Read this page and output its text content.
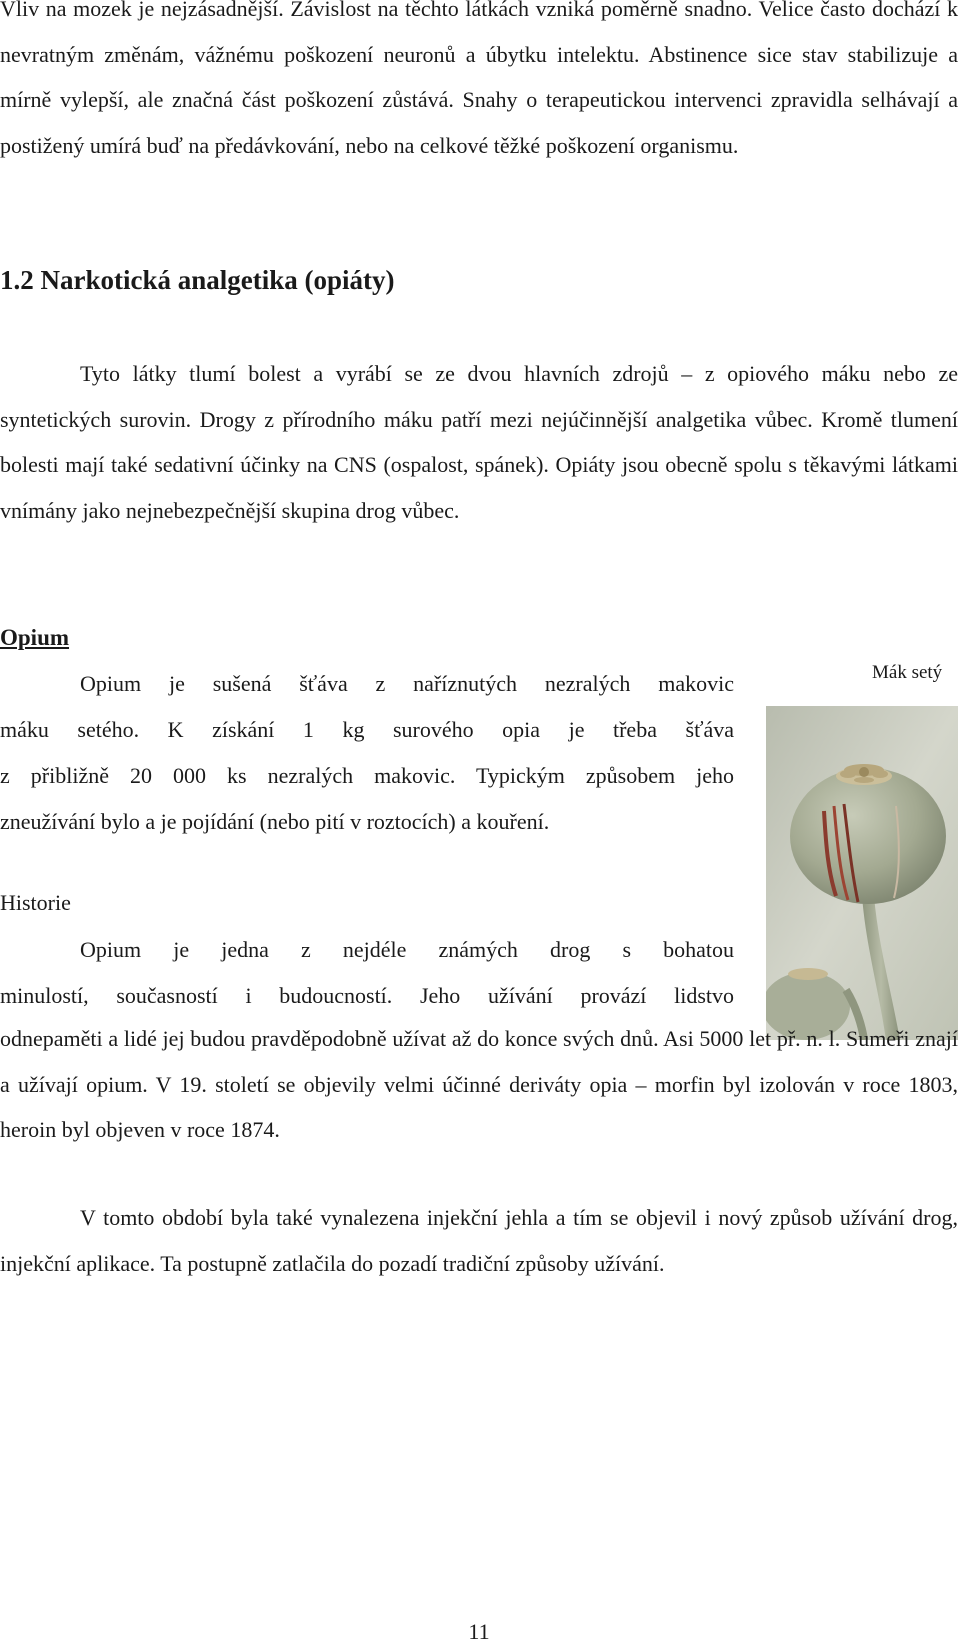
Vliv na mozek je nejzásadnější. Závislost na těchto látkách vzniká poměrně snadno. Velice často dochází k nevratným změnám, vážnému poškození neuronů a úbytku intelektu. Abstinence sice stav stabilizuje a mírně vylepší, ale značná část poškození zůstává. Snahy o terapeutickou intervenci zpravidla selhávají a postižený umírá buď na předávkování, nebo na celkové těžké poškození organismu.

1.2 Narkotická analgetika (opiáty)

Tyto látky tlumí bolest a vyrábí se ze dvou hlavních zdrojů – z opiového máku nebo ze syntetických surovin. Drogy z přírodního máku patří mezi nejúčinnější analgetika vůbec. Kromě tlumení bolesti mají také sedativní účinky na CNS (ospalost, spánek). Opiáty jsou obecně spolu s těkavými látkami vnímány jako nejnebezpečnější skupina drog vůbec.

Opium
Mák setý
Opium je sušená šťáva z naříznutých nezralých makovic
máku setého. K získání 1 kg surového opia je třeba šťáva
z přibližně 20 000 ks nezralých makovic. Typickým způsobem jeho
zneužívání bylo a je pojídání (nebo pití v roztocích) a kouření.
Historie
Opium je jedna z nejdéle známých drog s bohatou
minulostí, současností i budoucností. Jeho užívání provází lidstvo

odnepaměti a lidé jej budou pravděpodobně užívat až do konce svých dnů. Asi 5000 let př. n. l. Sumeři znají a užívají opium. V 19. století se objevily velmi účinné deriváty opia – morfin byl izolován v roce 1803, heroin byl objeven v roce 1874.

V tomto období byla také vynalezena injekční jehla a tím se objevil i nový způsob užívání drog, injekční aplikace. Ta postupně zatlačila do pozadí tradiční způsoby užívání.

11
